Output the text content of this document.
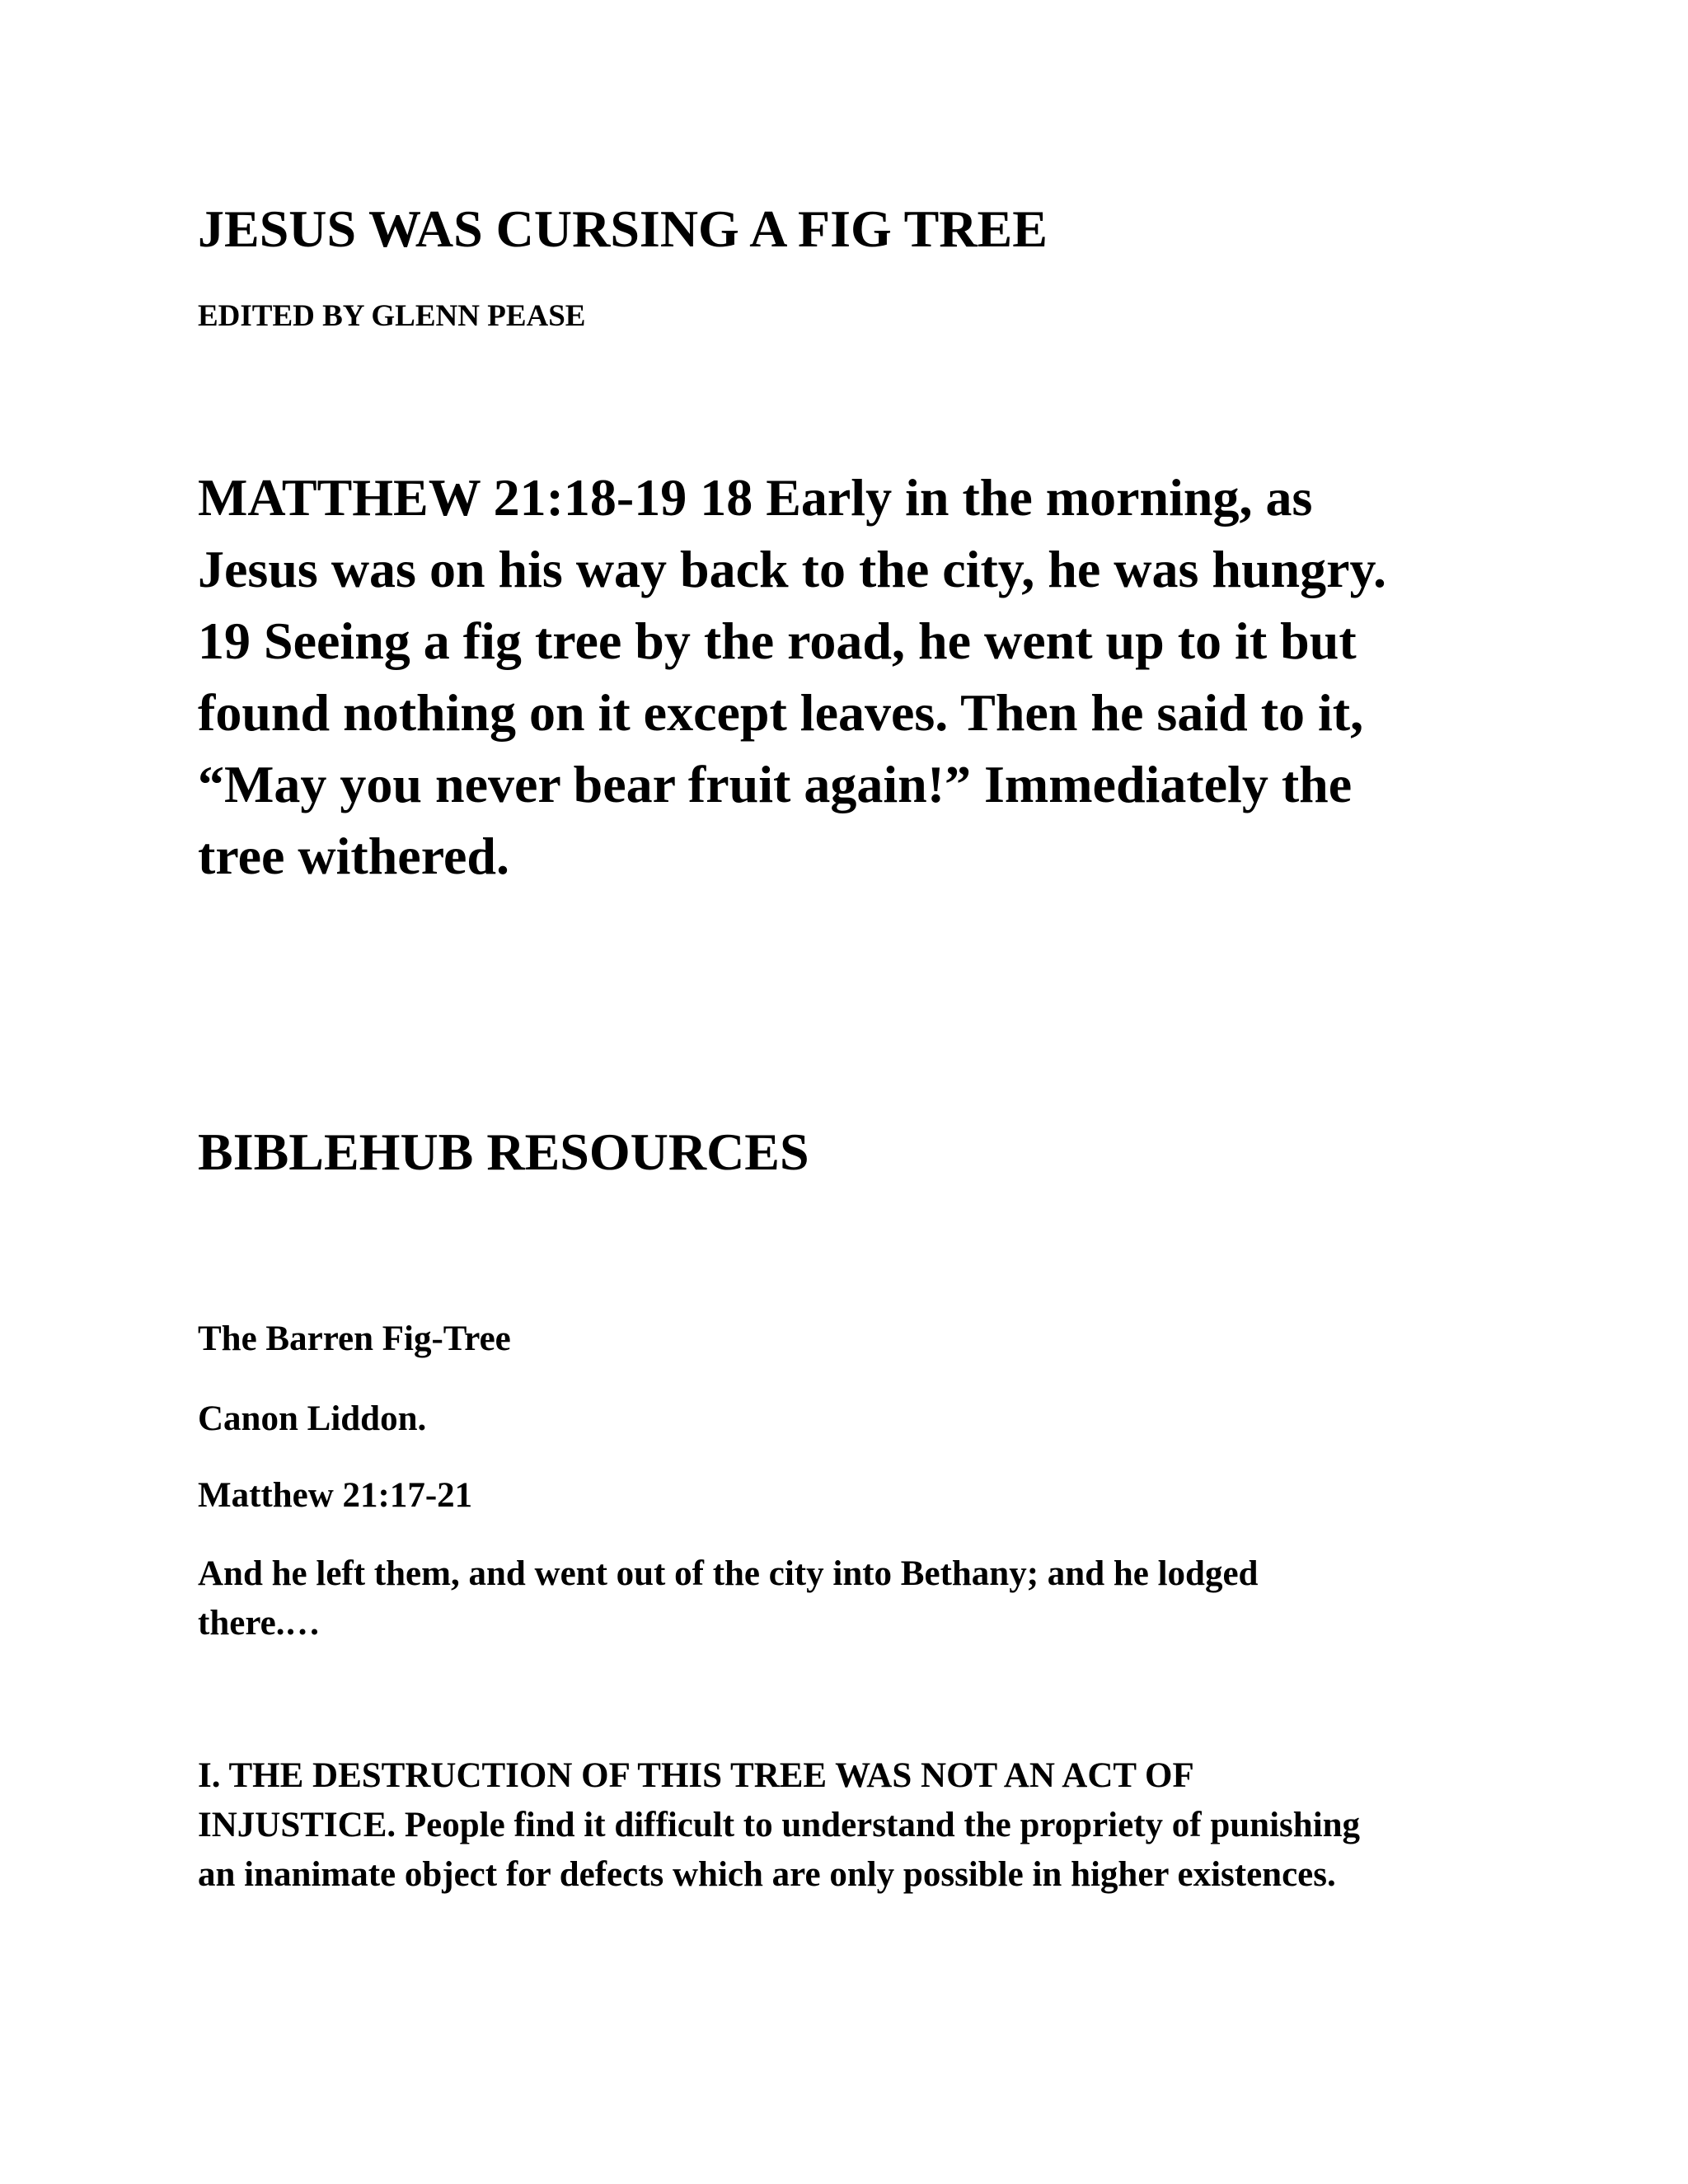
JESUS WAS CURSING A FIG TREE
EDITED BY GLENN PEASE
MATTHEW 21:18-19 18 Early in the morning, as
Jesus was on his way back to the city, he was hungry.
19 Seeing a fig tree by the road, he went up to it but
found nothing on it except leaves. Then he said to it,
“May you never bear fruit again!” Immediately the
tree withered.
BIBLEHUB RESOURCES
The Barren Fig-Tree
Canon Liddon.
Matthew 21:17-21
And he left them, and went out of the city into Bethany; and he lodged
there.…
I. THE DESTRUCTION OF THIS TREE WAS NOT AN ACT OF
INJUSTICE. People find it difficult to understand the propriety of punishing
an inanimate object for defects which are only possible in higher existences.
